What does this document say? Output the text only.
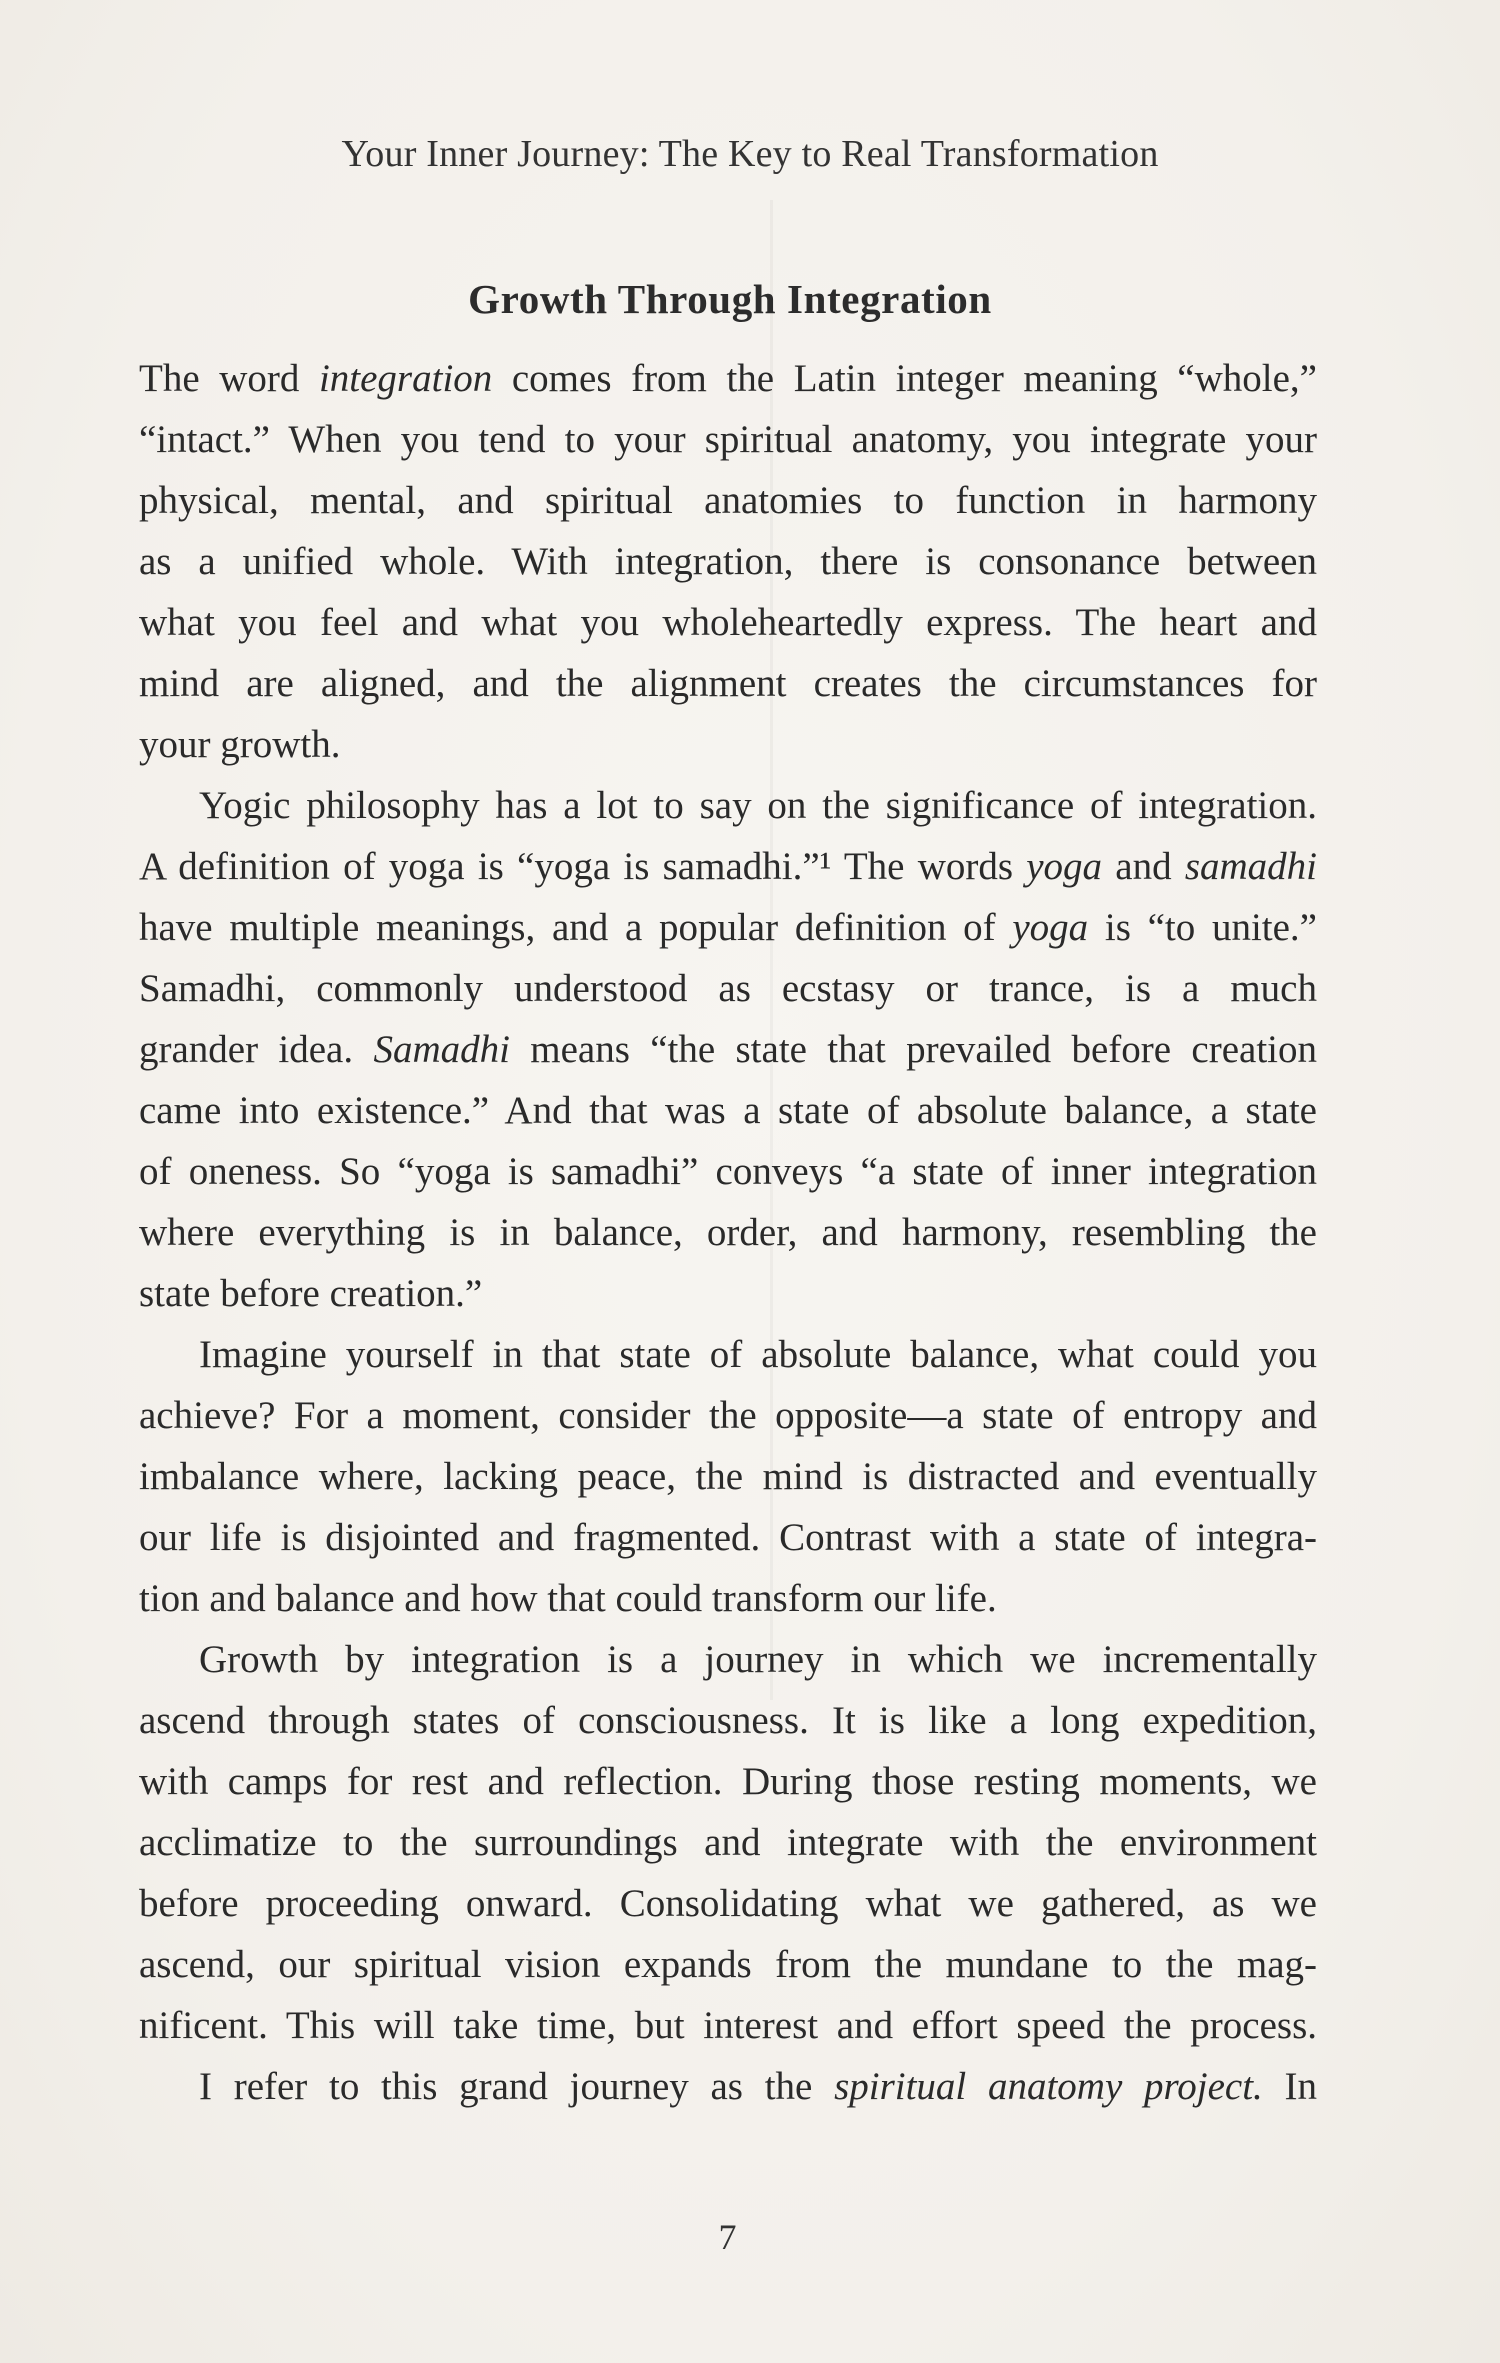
Your Inner Journey: The Key to Real Transformation
Growth Through Integration
The word integration comes from the Latin integer meaning “whole,”
“intact.” When you tend to your spiritual anatomy, you integrate your
physical, mental, and spiritual anatomies to function in harmony
as a unified whole. With integration, there is consonance between
what you feel and what you wholeheartedly express. The heart and
mind are aligned, and the alignment creates the circumstances for
your growth.
Yogic philosophy has a lot to say on the significance of integration.
A definition of yoga is “yoga is samadhi.”¹ The words yoga and samadhi
have multiple meanings, and a popular definition of yoga is “to unite.”
Samadhi, commonly understood as ecstasy or trance, is a much
grander idea. Samadhi means “the state that prevailed before creation
came into existence.” And that was a state of absolute balance, a state
of oneness. So “yoga is samadhi” conveys “a state of inner integration
where everything is in balance, order, and harmony, resembling the
state before creation.”
Imagine yourself in that state of absolute balance, what could you
achieve? For a moment, consider the opposite—a state of entropy and
imbalance where, lacking peace, the mind is distracted and eventually
our life is disjointed and fragmented. Contrast with a state of integra-
tion and balance and how that could transform our life.
Growth by integration is a journey in which we incrementally
ascend through states of consciousness. It is like a long expedition,
with camps for rest and reflection. During those resting moments, we
acclimatize to the surroundings and integrate with the environment
before proceeding onward. Consolidating what we gathered, as we
ascend, our spiritual vision expands from the mundane to the mag-
nificent. This will take time, but interest and effort speed the process.
I refer to this grand journey as the spiritual anatomy project. In
7
